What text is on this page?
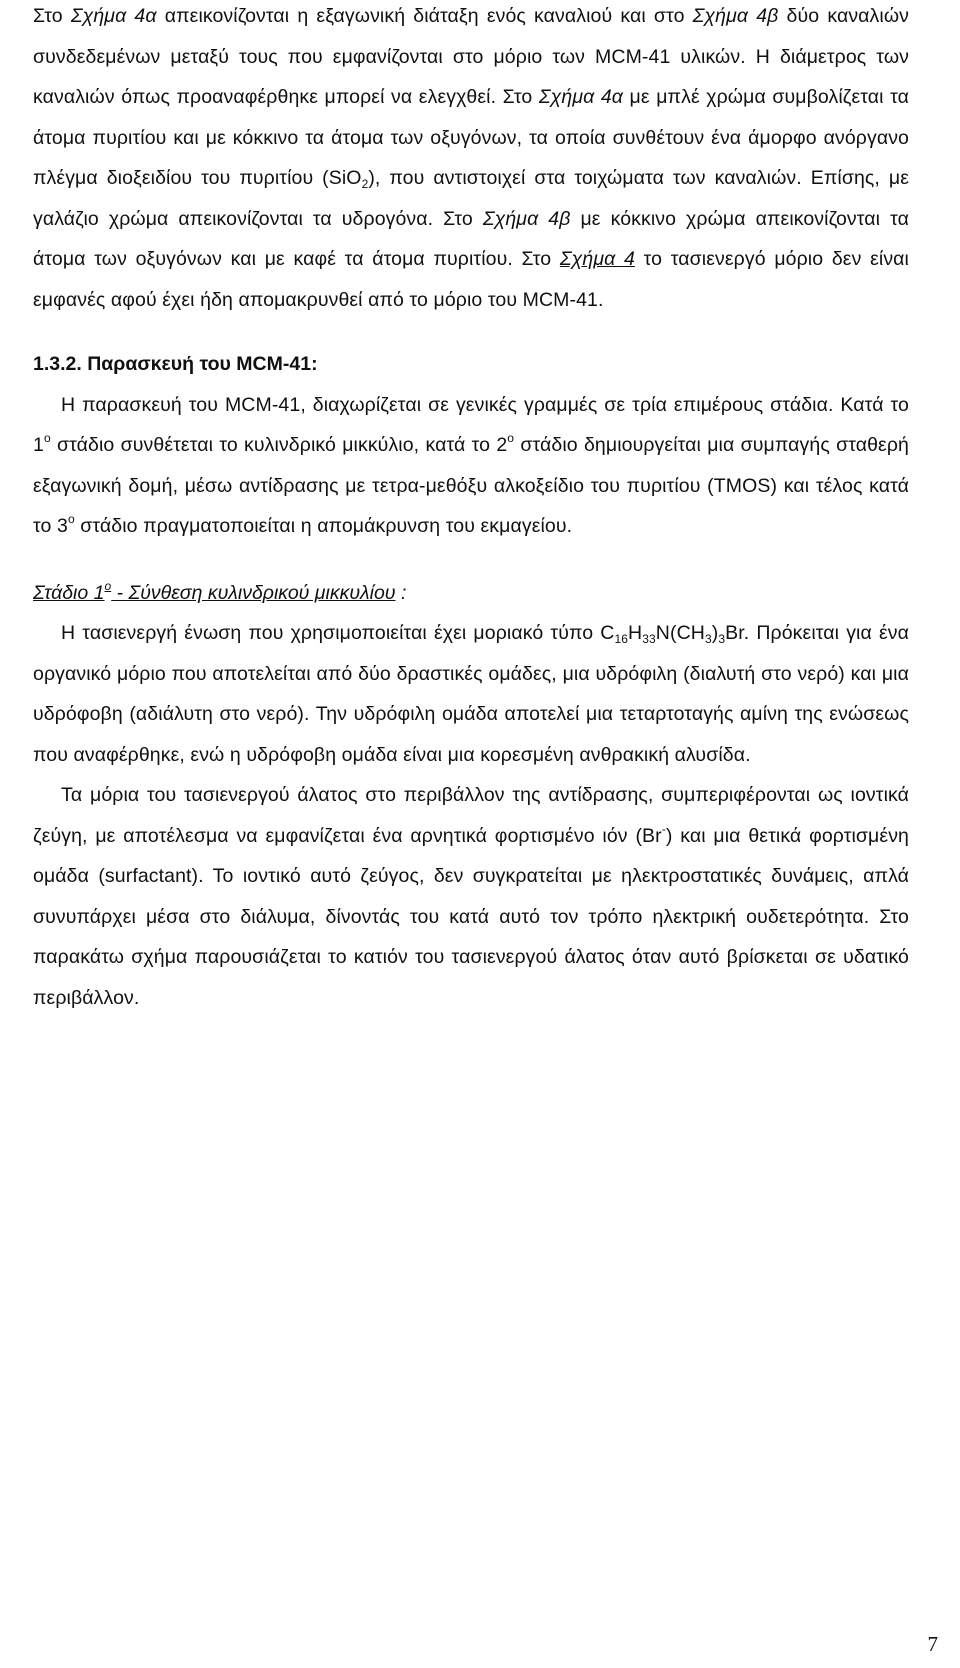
Στο Σχήμα 4α απεικονίζονται η εξαγωνική διάταξη ενός καναλιού και στο Σχήμα 4β δύο καναλιών συνδεδεμένων μεταξύ τους που εμφανίζονται στο μόριο των MCM-41 υλικών. Η διάμετρος των καναλιών όπως προαναφέρθηκε μπορεί να ελεγχθεί. Στο Σχήμα 4α με μπλέ χρώμα συμβολίζεται τα άτομα πυριτίου και με κόκκινο τα άτομα των οξυγόνων, τα οποία συνθέτουν ένα άμορφο ανόργανο πλέγμα διοξειδίου του πυριτίου (SiO$_2$), που αντιστοιχεί στα τοιχώματα των καναλιών. Επίσης, με γαλάζιο χρώμα απεικονίζονται τα υδρογόνα. Στο Σχήμα 4β με κόκκινο χρώμα απεικονίζονται τα άτομα των οξυγόνων και με καφέ τα άτομα πυριτίου. Στο Σχήμα 4 το τασιενεργό μόριο δεν είναι εμφανές αφού έχει ήδη απομακρυνθεί από το μόριο του MCM-41.

1.3.2. Παρασκευή του MCM-41:

Η παρασκευή του MCM-41, διαχωρίζεται σε γενικές γραμμές σε τρία επιμέρους στάδια. Κατά το $1^o$ στάδιο συνθέτεται το κυλινδρικό μικκύλιο, κατά το $2^o$ στάδιο δημιουργείται μια συμπαγής σταθερή εξαγωνική δομή, μέσω αντίδρασης με τετρα-μεθόξυ αλκοξείδιο του πυριτίου (TMOS) και τέλος κατά το $3^o$ στάδιο πραγματοποιείται η απομάκρυνση του εκμαγείου.

Στάδιο $1^o$ - Σύνθεση κυλινδρικού μικκυλίου :

Η τασιενεργή ένωση που χρησιμοποιείται έχει μοριακό τύπο $C_{16}H_{33}N(CH_3)_3Br$. Πρόκειται για ένα οργανικό μόριο που αποτελείται από δύο δραστικές ομάδες, μια υδρόφιλη (διαλυτή στο νερό) και μια υδρόφοβη (αδιάλυτη στο νερό). Την υδρόφιλη ομάδα αποτελεί μια τεταρτοταγής αμίνη της ενώσεως που αναφέρθηκε, ενώ η υδρόφοβη ομάδα είναι μια κορεσμένη ανθρακική αλυσίδα.

Τα μόρια του τασιενεργού άλατος στο περιβάλλον της αντίδρασης, συμπεριφέρονται ως ιοντικά ζεύγη, με αποτέλεσμα να εμφανίζεται ένα αρνητικά φορτισμένο ιόν (Br-) και μια θετικά φορτισμένη ομάδα (surfactant). Το ιοντικό αυτό ζεύγος, δεν συγκρατείται με ηλεκτροστατικές δυνάμεις, απλά συνυπάρχει μέσα στο διάλυμα, δίνοντάς του κατά αυτό τον τρόπο ηλεκτρική ουδετερότητα. Στο παρακάτω σχήμα παρουσιάζεται το κατιόν του τασιενεργού άλατος όταν αυτό βρίσκεται σε υδατικό περιβάλλον.

7
